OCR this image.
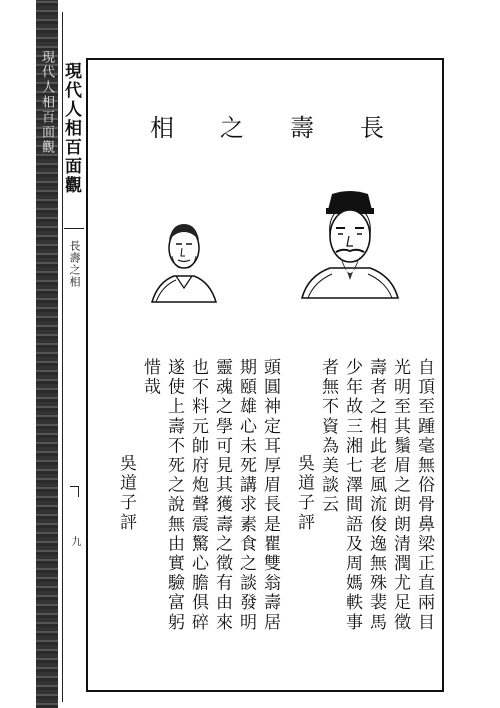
現代人相百面觀 現代人相百面觀
長壽之相
九
相 之 壽 長
自頂至踵毫無俗骨鼻梁正直兩目
光明至其鬚眉之朗朗清潤尤足徵
壽者之相此老風流俊逸無殊裴馬
少年故三湘七澤間語及周媽軼事
者無不資為美談云
吳道子評
頭圓神定耳厚眉長是瞿雙翁壽居
期頤雄心未死講求素食之談發明
靈魂之學可見其獲壽之徵有由來
也不料元帥府炮聲震驚心膽俱碎
遂使上壽不死之說無由實驗富躬
惜哉
吳道子評
